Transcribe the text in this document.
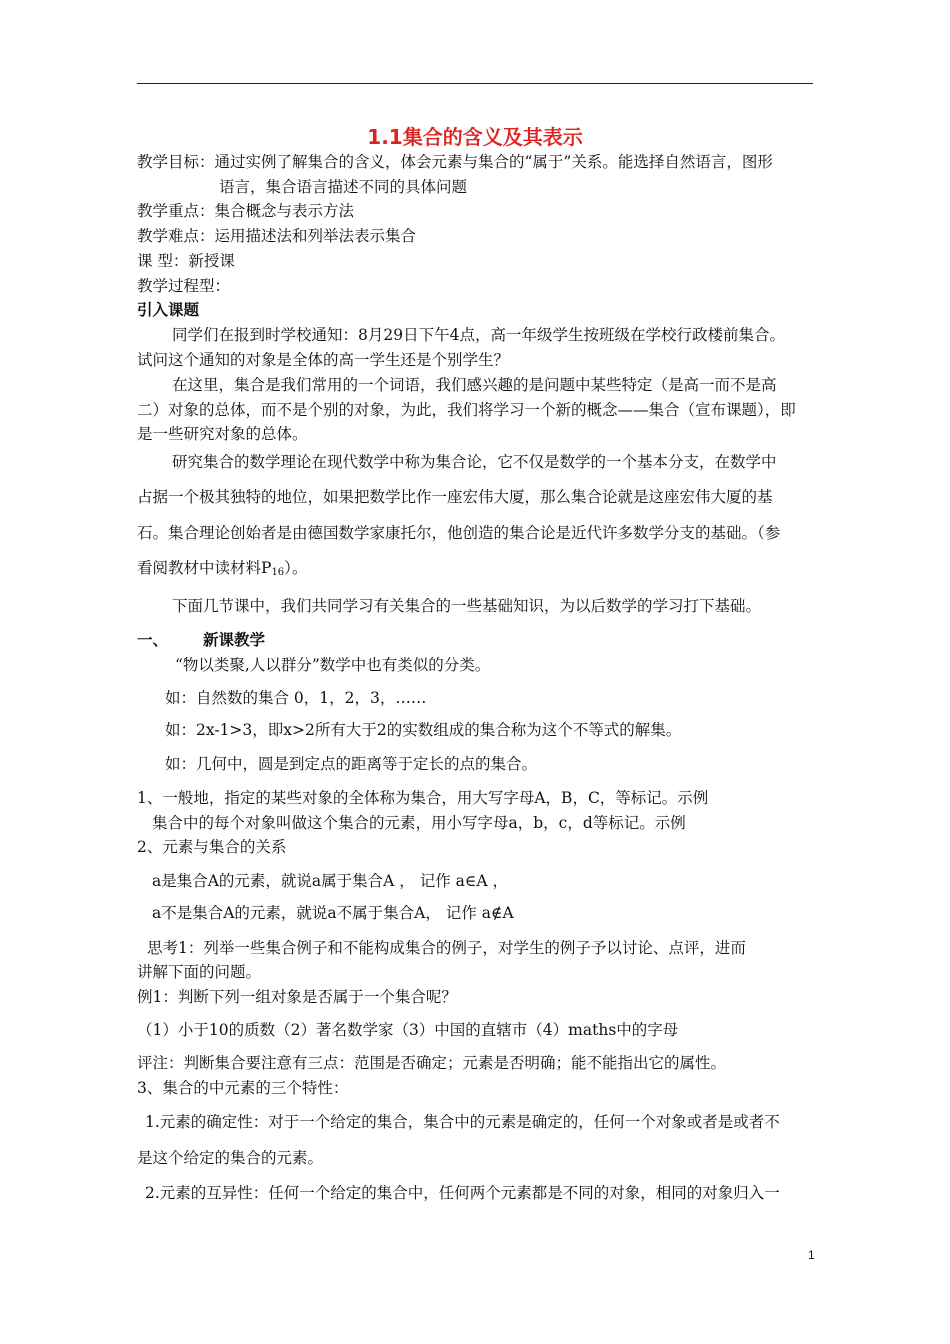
1.1集合的含义及其表示
教学目标：通过实例了解集合的含义，体会元素与集合的“属于”关系。能选择自然语言，图形
语言，集合语言描述不同的具体问题
教学重点：集合概念与表示方法
教学难点：运用描述法和列举法表示集合
课 型：新授课
教学过程型：
引入课题
同学们在报到时学校通知：8月29日下午4点，高一年级学生按班级在学校行政楼前集合。
试问这个通知的对象是全体的高一学生还是个别学生？
在这里，集合是我们常用的一个词语，我们感兴趣的是问题中某些特定（是高一而不是高
二）对象的总体，而不是个别的对象，为此，我们将学习一个新的概念——集合（宣布课题），即
是一些研究对象的总体。
研究集合的数学理论在现代数学中称为集合论，它不仅是数学的一个基本分支，在数学中
占据一个极其独特的地位，如果把数学比作一座宏伟大厦，那么集合论就是这座宏伟大厦的基
石。集合理论创始者是由德国数学家康托尔，他创造的集合论是近代许多数学分支的基础。（参
看阅教材中读材料$P_{16}$）。
下面几节课中，我们共同学习有关集合的一些基础知识，为以后数学的学习打下基础。
一、 新课教学
“物以类聚,人以群分”数学中也有类似的分类。
如：自然数的集合 0，1，2，3，……
如：2x-1>3，即x>2所有大于2的实数组成的集合称为这个不等式的解集。
如：几何中，圆是到定点的距离等于定长的点的集合。
1、一般地，指定的某些对象的全体称为集合，用大写字母A，B，C，等标记。示例
集合中的每个对象叫做这个集合的元素，用小写字母a，b，c，d等标记。示例
2、元素与集合的关系
a是集合A的元素，就说a属于集合A ， 记作 a∈A ，
a不是集合A的元素，就说a不属于集合A， 记作 a∉A
思考1：列举一些集合例子和不能构成集合的例子，对学生的例子予以讨论、点评，进而
讲解下面的问题。
例1：判断下列一组对象是否属于一个集合呢？
（1）小于10的质数（2）著名数学家（3）中国的直辖市（4）maths中的字母
评注：判断集合要注意有三点：范围是否确定；元素是否明确；能不能指出它的属性。
3、集合的中元素的三个特性：
1.元素的确定性：对于一个给定的集合，集合中的元素是确定的，任何一个对象或者是或者不
是这个给定的集合的元素。
2.元素的互异性：任何一个给定的集合中，任何两个元素都是不同的对象，相同的对象归入一
1
